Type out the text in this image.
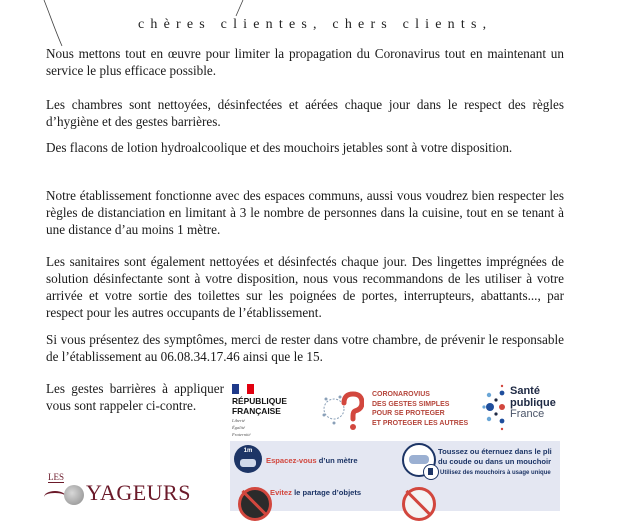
chères clientes, chers clients,

Nous mettons tout en œuvre pour limiter la propagation du Coronavirus tout en maintenant un service le plus efficace possible.

Les chambres sont nettoyées, désinfectées et aérées chaque jour dans le respect des règles d’hygiène et des gestes barrières.

Des flacons de lotion hydroalcoolique et des mouchoirs jetables sont à votre disposition.

Notre établissement fonctionne avec des espaces communs, aussi vous voudrez bien respecter les règles de distanciation en limitant à 3 le nombre de personnes dans la cuisine, tout en se tenant à une distance d’au moins 1 mètre.

Les sanitaires sont également nettoyées et désinfectés chaque jour. Des lingettes imprégnées de solution désinfectante sont à votre disposition, nous vous recommandons de les utiliser à votre arrivée et votre sortie des toilettes sur les poignées de portes, interrupteurs, abattants..., par respect pour les autres occupants de l’établissement.

Si vous présentez des symptômes, merci de rester dans votre chambre, de prévenir le responsable de l’établissement au 06.08.34.17.46 ainsi que le 15.

Les gestes barrières à appliquer vous sont rappeler ci-contre.	RÉPUBLIQUE
FRANÇAISE
Liberté
Égalité
Fraternité
CORONAROVIUS
DES GESTES SIMPLES
POUR SE PROTEGER
ET PROTEGER LES AUTRES
Santé
publique
France
1m
Espacez-vous d’un mètre
Toussez ou éternuez dans le pli
du coude ou dans un mouchoir
Utilisez des mouchoirs à usage unique
Evitez le partage d’objets
LES
YAGEURS
